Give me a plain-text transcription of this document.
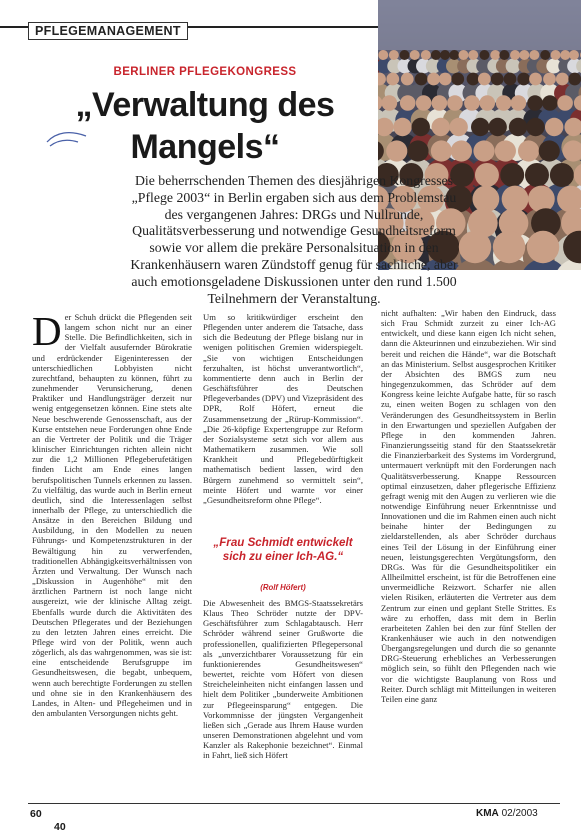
PFLEGEMANAGEMENT
BERLINER PFLEGEKONGRESS
„Verwaltung des
Mangels“
Die beherrschenden Themen des diesjährigen Kongresses
„Pflege 2003“ in Berlin ergaben sich aus dem Problemstau
des vergangenen Jahres: DRGs und Nullrunde,
Qualitätsverbesserung und notwendige Gesundheitsreform
sowie vor allem die prekäre Personalsituation in den
Krankenhäusern waren Zündstoff genug für sachliche, aber
auch emotionsgeladene Diskussionen unter den rund 1.500
Teilnehmern der Veranstaltung.

Der Schuh drückt die Pflegenden seit langem schon nicht nur an einer Stelle. Die Befindlichkeiten, sich in der Vielfalt ausufernder Bürokratie und erdrückender Eigeninteressen der unterschiedlichen Lobbyisten nicht zurechtfand, behaupten zu können, führt zu zunehmender Verunsicherung, denen Praktiker und Handlungsträger derzeit nur wenig entgegensetzen können. Eine stets alte Neue beschwerende Genossenschaft, aus der Kurse entstehen neue Forderungen ohne Ende an die Vertreter der Politik und die Träger klinischer Einrichtungen richten allein nicht zur die 1,2 Millionen Pflegeberufetätigen finden Licht am Ende eines langen berufspolitischen Tunnels erkennen zu lassen. Zu vielfältig, das wurde auch in Berlin erneut deutlich, sind die Interessenlagen selbst innerhalb der Pflege, zu unterschiedlich die Ansätze in den Bereichen Bildung und Ausbildung, in den Modellen zu neuen Führungs- und Kompetenzstrukturen in der Bewältigung hin zu verwerfenden, traditionellen Abhängigkeitsverhältnissen von Ärzten und Verwaltung. Der Wunsch nach „Diskussion in Augenhöhe“ mit den ärztlichen Partnern ist noch lange nicht ausgereizt, wie der klinische Alltag zeigt. Ebenfalls wurde durch die Aktivitäten des Deutschen Pflegerates und der Beziehungen zu den letzten Jahren eines erreicht. Die Pflege wird von der Politik, wenn auch zögerlich, als das wahrgenommen, was sie ist: eine entscheidende Berufsgruppe im Gesundheitswesen, die begabt, unbequem, wenn auch berechtigte Forderungen zu stellen und ohne sie in den Krankenhäusern des Landes, in Alten- und Pflegeheimen und in den ambulanten Versorgungen nichts geht.

Um so kritikwürdiger erscheint den Pflegenden unter anderem die Tatsache, dass sich die Bedeutung der Pflege bislang nur in wenigen politischen Gremien widerspiegelt. „Sie von wichtigen Entscheidungen ferzuhalten, ist höchst unverantwortlich“, kommentierte denn auch in Berlin der Geschäftsführer des Deutschen Pflegeverbandes (DPV) und Vizepräsident des DPR, Rolf Höfert, erneut die Zusammensetzung der „Rürup-Kommission“. „Die 26-köpfige Expertengruppe zur Reform der Sozialsysteme setzt sich vor allem aus Mathematikern zusammen. Wie soll Krankheit und Pflegebedürftigkeit mathematisch bedient lassen, wird den Bürgern zunehmend so vermittelt sein“, meinte Höfert und warnte vor einer „Gesundheitsreform ohne Pflege“.

„Frau Schmidt entwickelt sich zu einer Ich-AG.“
(Rolf Höfert)

Die Abwesenheit des BMGS-Staatssekretärs Klaus Theo Schröder nutzte der DPV-Geschäftsführer zum Schlagabtausch. Herr Schröder während seiner Grußworte die professionellen, qualifizierten Pflegepersonal als „unverzichtbarer Voraussetzung für ein funktionierendes Gesundheitswesen“ bewertet, reichte vom Höfert von diesen Streicheleinheiten nicht einfangen lassen und hielt dem Politiker „bunderweite Ambitionen zur Pflegeeinsparung“ entgegen. Die Vorkommnisse der jüngsten Vergangenheit ließen sich „Gerade aus Ihrem Hause wurden unseren Demonstrationen abgelehnt und vom Kanzler als Rakephonie bezeichnet“. Einmal in Fahrt, ließ sich Höfert

nicht aufhalten: „Wir haben den Eindruck, dass sich Frau Schmidt zurzeit zu einer Ich-AG entwickelt, und diese kann eigen Ich nicht sehen, dann die Akteurinnen und einzubeziehen. Wir sind bereit und reichen die Hände“, war die Botschaft an das Ministerium. Selbst ausgesprochen Kritiker der Absichten des BMGS zum neu hingegenzukommen, das Schröder auf dem Kongress keine leichte Aufgabe hatte, für so rasch zu, einen weiten Bogen zu schlagen von den Veränderungen des Gesundheitssystem in Berlin in den Erwartungen und speziellen Aufgaben der Pflege in den kommenden Jahren. Finanzierungsseitig stand für den Staatssekretär die Finanzierbarkeit des Systems im Vordergrund, untermauert verknüpft mit den Forderungen nach Qualitätsverbesserung. Knappe Ressourcen optimal einzusetzen, daher pflegerische Effizienz gefragt wenig mit den Augen zu verlieren wie die notwendige Einführung neuer Erkenntnisse und Innovationen und die im Rahmen einen auch nicht beinahe hinter der Bedingungen zu zieldarstellenden, als aber Schröder durchaus eines Teil der Lösung in der Einführung einer neuen, leistungsgerechten Vergütungsform, den DRGs. Was für die Gesundheitspolitiker ein Allheilmittel erscheint, ist für die Betroffenen eine unvermeidliche Reizwort. Scharfer nie allen vielen Risiken, erläuterten die Vertreter aus dem Zentrum zur einen und geplant Stelle Strittes. Es wäre zu erhoffen, dass mit dem in Berlin erarbeiteten Zahlen bei den zur fünf Stellen der Krankenhäuser wie auch in den notwendigen Übergangsregelungen und durch die so genannte DRG-Steuerung erhebliches an Verbesserungen möglich sein, so fühlt den Pflegenden nach wie vor die wichtigste Bauplanung von Ross und Reiter. Durch schlägt mit Mitteilungen in weiteren Teilen eine ganz

60
40
KMA 02/2003
